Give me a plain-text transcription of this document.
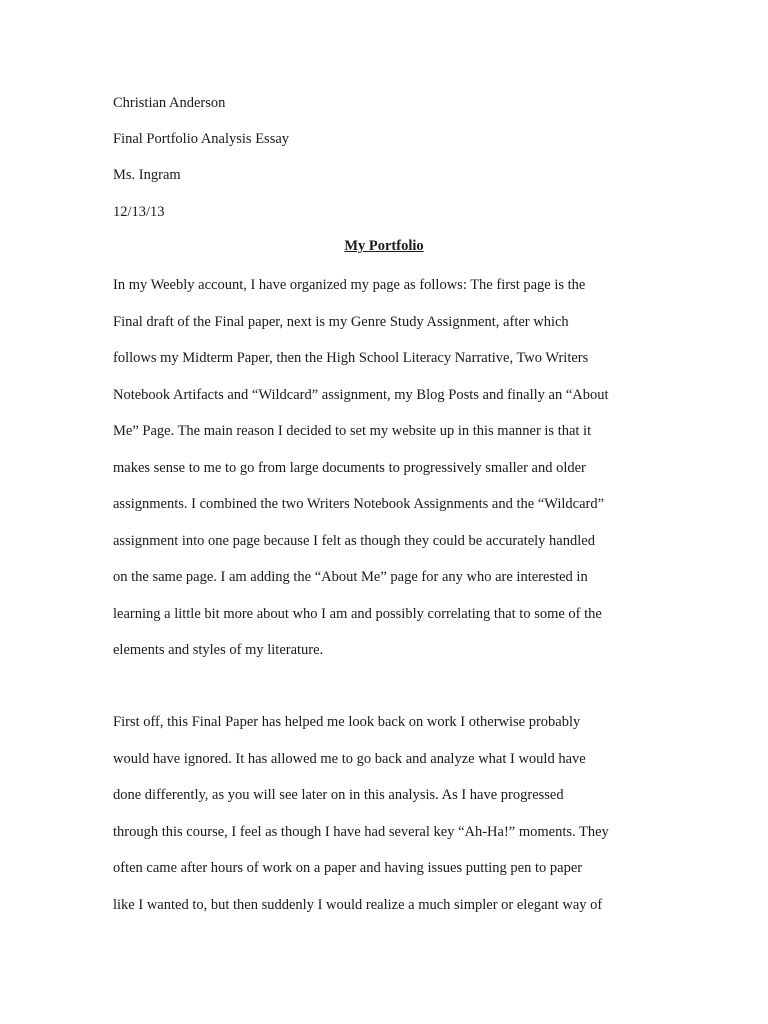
Christian Anderson
Final Portfolio Analysis Essay
Ms. Ingram
12/13/13
My Portfolio
In my Weebly account, I have organized my page as follows: The first page is the
Final draft of the Final paper, next is my Genre Study Assignment, after which
follows my Midterm Paper, then the High School Literacy Narrative, Two Writers
Notebook Artifacts and “Wildcard” assignment, my Blog Posts and finally an “About
Me” Page. The main reason I decided to set my website up in this manner is that it
makes sense to me to go from large documents to progressively smaller and older
assignments. I combined the two Writers Notebook Assignments and the “Wildcard”
assignment into one page because I felt as though they could be accurately handled
on the same page. I am adding the “About Me” page for any who are interested in
learning a little bit more about who I am and possibly correlating that to some of the
elements and styles of my literature.
First off, this Final Paper has helped me look back on work I otherwise probably
would have ignored. It has allowed me to go back and analyze what I would have
done differently, as you will see later on in this analysis. As I have progressed
through this course, I feel as though I have had several key “Ah-Ha!” moments. They
often came after hours of work on a paper and having issues putting pen to paper
like I wanted to, but then suddenly I would realize a much simpler or elegant way of
